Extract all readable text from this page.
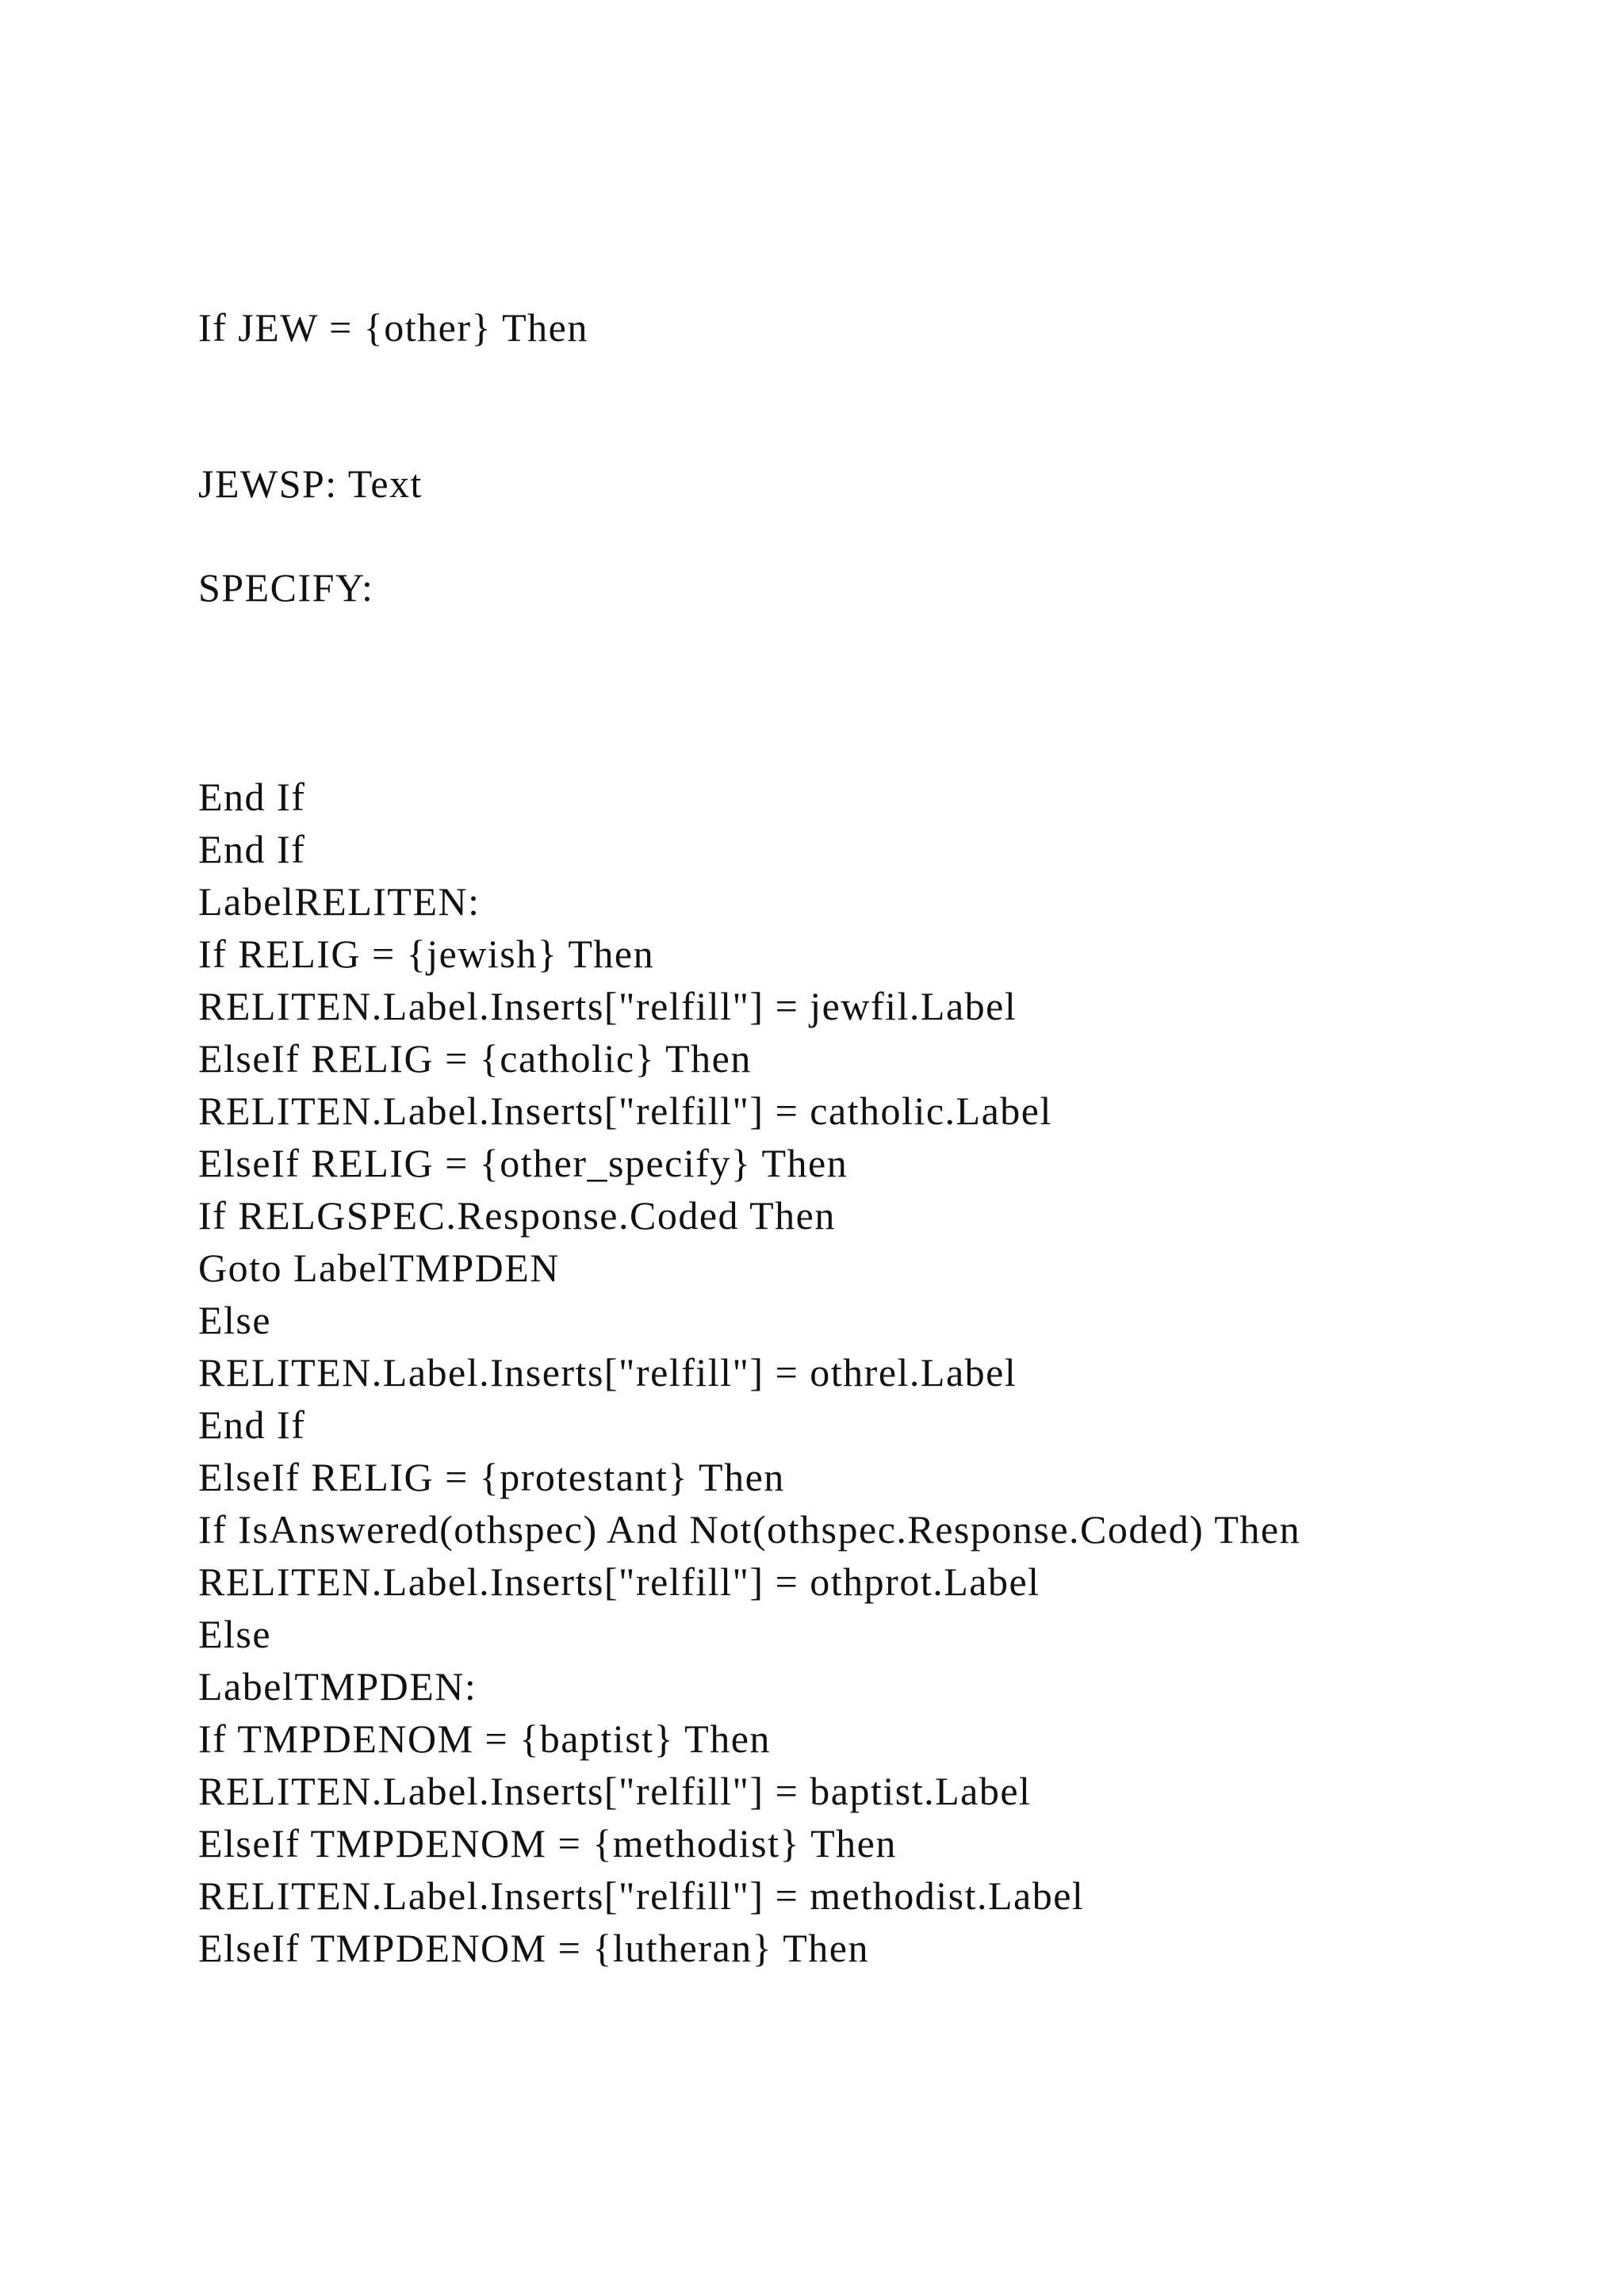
If JEW = {other} Then
JEWSP: Text
SPECIFY:
End If
End If
LabelRELITEN:
If RELIG = {jewish} Then
RELITEN.Label.Inserts["relfill"] = jewfil.Label
ElseIf RELIG = {catholic} Then
RELITEN.Label.Inserts["relfill"] = catholic.Label
ElseIf RELIG = {other_specify} Then
If RELGSPEC.Response.Coded Then
Goto LabelTMPDEN
Else
RELITEN.Label.Inserts["relfill"] = othrel.Label
End If
ElseIf RELIG = {protestant} Then
If IsAnswered(othspec) And Not(othspec.Response.Coded) Then
RELITEN.Label.Inserts["relfill"] = othprot.Label
Else
LabelTMPDEN:
If TMPDENOM = {baptist} Then
RELITEN.Label.Inserts["relfill"] = baptist.Label
ElseIf TMPDENOM = {methodist} Then
RELITEN.Label.Inserts["relfill"] = methodist.Label
ElseIf TMPDENOM = {lutheran} Then
